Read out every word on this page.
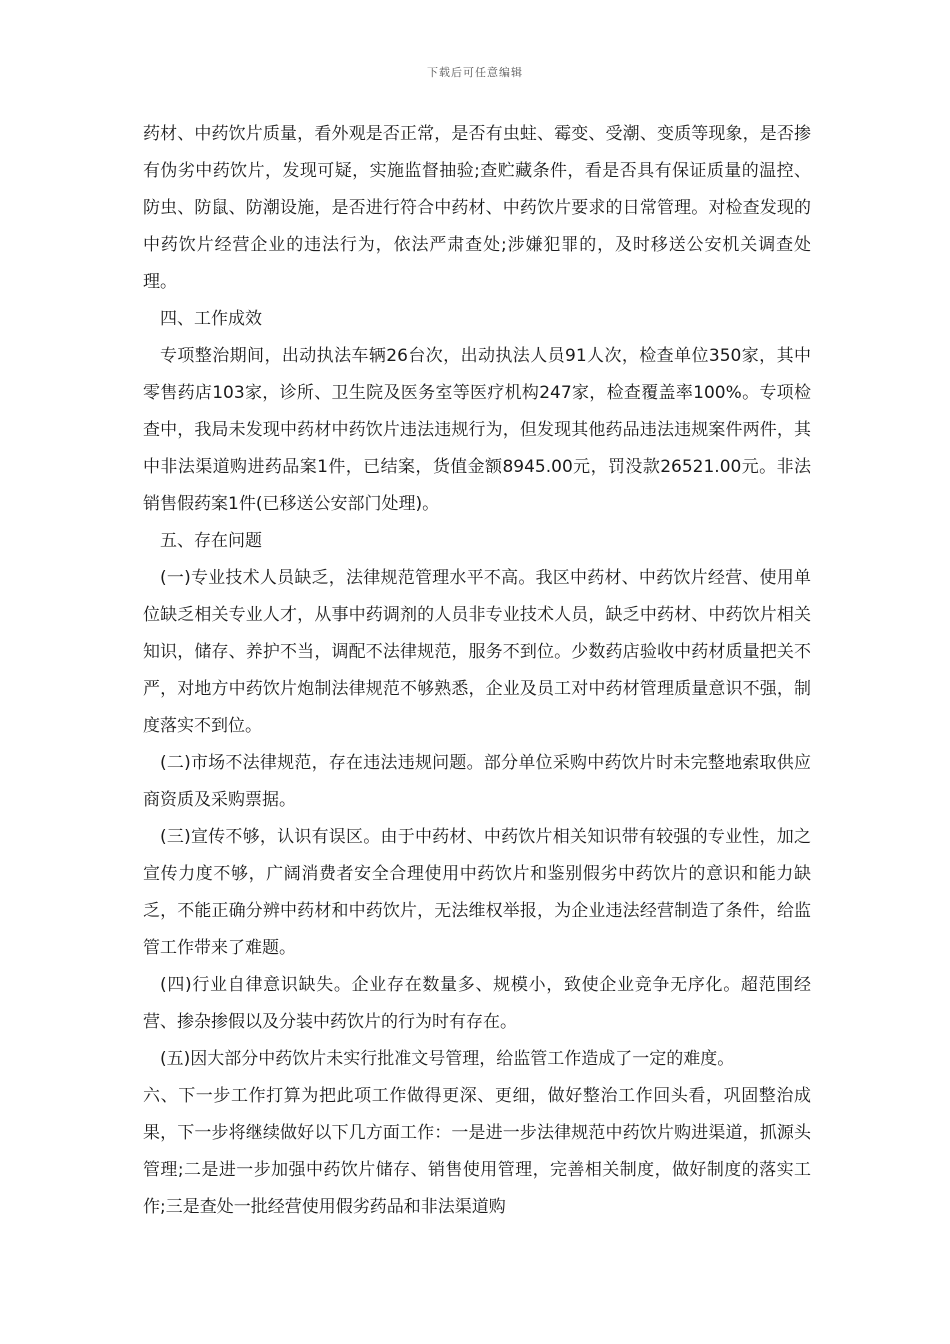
下载后可任意编辑

药材、中药饮片质量，看外观是否正常，是否有虫蛀、霉变、受潮、变质等现象，是否掺有伪劣中药饮片，发现可疑，实施监督抽验;查贮藏条件，看是否具有保证质量的温控、防虫、防鼠、防潮设施，是否进行符合中药材、中药饮片要求的日常管理。对检查发现的中药饮片经营企业的违法行为，依法严肃查处;涉嫌犯罪的，及时移送公安机关调查处理。

四、工作成效

专项整治期间，出动执法车辆26台次，出动执法人员91人次，检查单位350家，其中零售药店103家，诊所、卫生院及医务室等医疗机构247家，检查覆盖率100%。专项检查中，我局未发现中药材中药饮片违法违规行为，但发现其他药品违法违规案件两件，其中非法渠道购进药品案1件，已结案，货值金额8945.00元，罚没款26521.00元。非法销售假药案1件(已移送公安部门处理)。

五、存在问题

(一)专业技术人员缺乏，法律规范管理水平不高。我区中药材、中药饮片经营、使用单位缺乏相关专业人才，从事中药调剂的人员非专业技术人员，缺乏中药材、中药饮片相关知识，储存、养护不当，调配不法律规范，服务不到位。少数药店验收中药材质量把关不严，对地方中药饮片炮制法律规范不够熟悉，企业及员工对中药材管理质量意识不强，制度落实不到位。

(二)市场不法律规范，存在违法违规问题。部分单位采购中药饮片时未完整地索取供应商资质及采购票据。

(三)宣传不够，认识有误区。由于中药材、中药饮片相关知识带有较强的专业性，加之宣传力度不够，广阔消费者安全合理使用中药饮片和鉴别假劣中药饮片的意识和能力缺乏，不能正确分辨中药材和中药饮片，无法维权举报，为企业违法经营制造了条件，给监管工作带来了难题。

(四)行业自律意识缺失。企业存在数量多、规模小，致使企业竞争无序化。超范围经营、掺杂掺假以及分装中药饮片的行为时有存在。

(五)因大部分中药饮片未实行批准文号管理，给监管工作造成了一定的难度。

六、下一步工作打算为把此项工作做得更深、更细，做好整治工作回头看，巩固整治成果，下一步将继续做好以下几方面工作：一是进一步法律规范中药饮片购进渠道，抓源头管理;二是进一步加强中药饮片储存、销售使用管理，完善相关制度，做好制度的落实工作;三是查处一批经营使用假劣药品和非法渠道购
